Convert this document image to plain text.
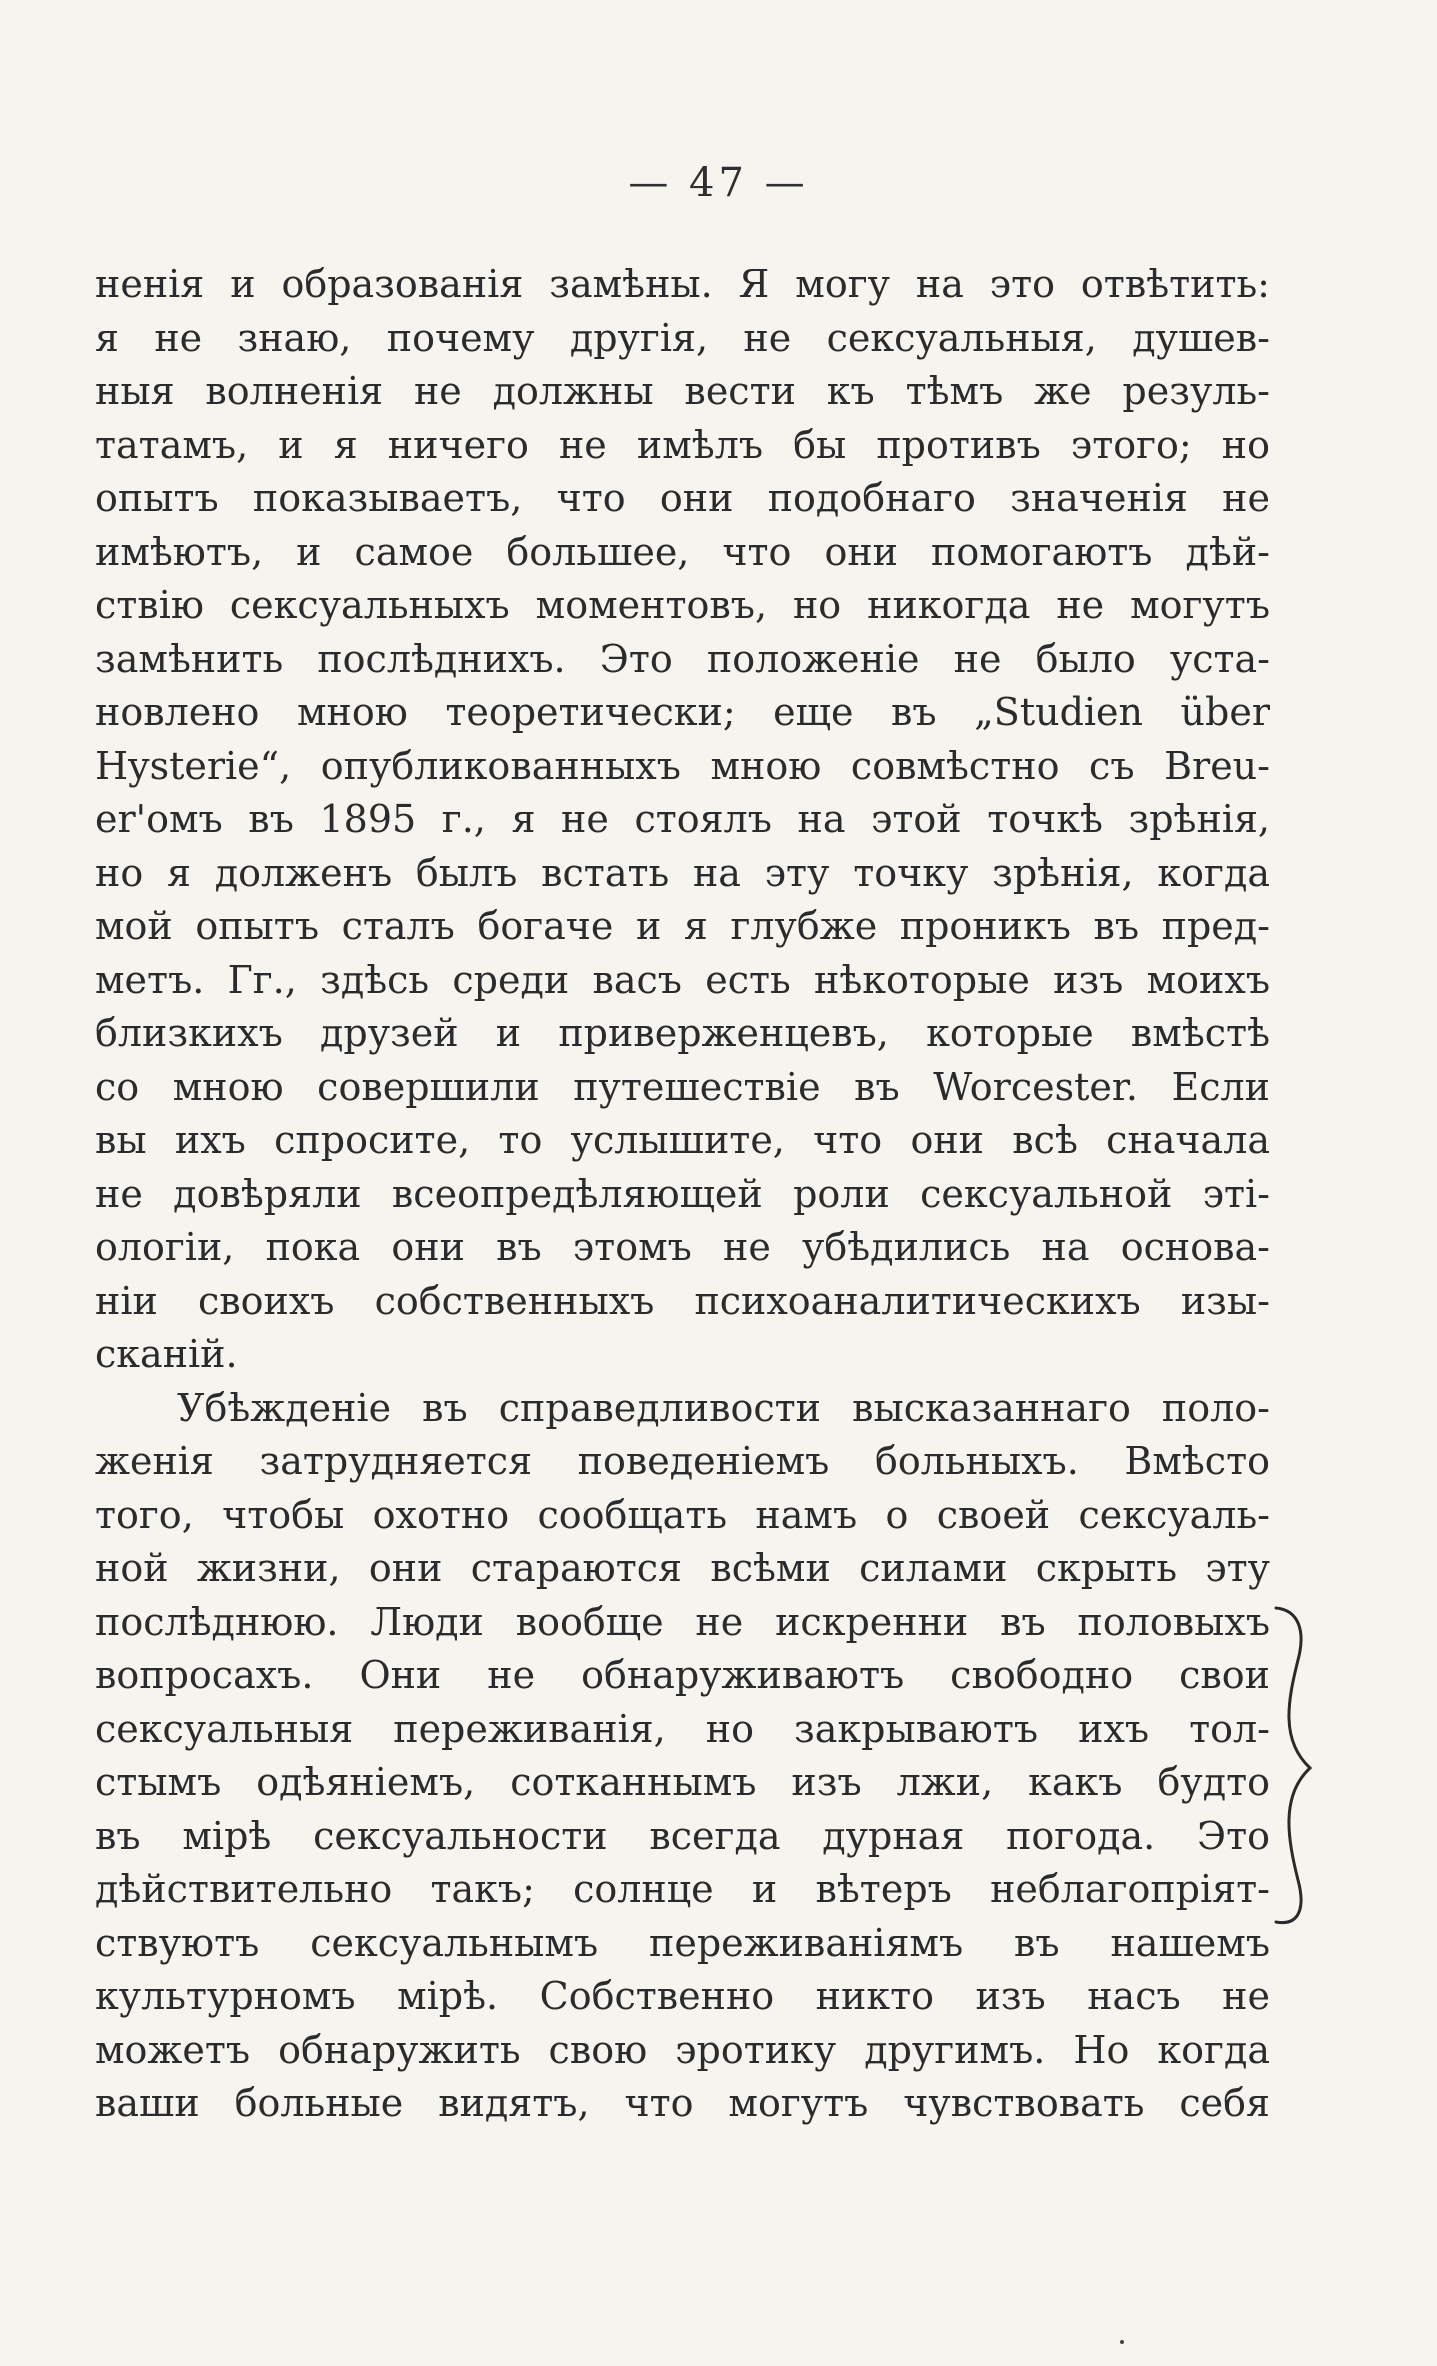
— 47 —
ненія и образованія замѣны. Я могу на это отвѣтить:
я не знаю, почему другія, не сексуальныя, душев-
ныя волненія не должны вести къ тѣмъ же резуль-
татамъ, и я ничего не имѣлъ бы противъ этого; но
опытъ показываетъ, что они подобнаго значенія не
имѣютъ, и самое большее, что они помогаютъ дѣй-
ствію сексуальныхъ моментовъ, но никогда не могутъ
замѣнить послѣднихъ. Это положеніе не было уста-
новлено мною теоретически; еще въ „Studien über
Hysterie“, опубликованныхъ мною совмѣстно съ Breu-
er'омъ въ 1895 г., я не стоялъ на этой точкѣ зрѣнія,
но я долженъ былъ встать на эту точку зрѣнія, когда
мой опытъ сталъ богаче и я глубже проникъ въ пред-
метъ. Гг., здѣсь среди васъ есть нѣкоторые изъ моихъ
близкихъ друзей и приверженцевъ, которые вмѣстѣ
со мною совершили путешествіе въ Worcester. Если
вы ихъ спросите, то услышите, что они всѣ сначала
не довѣряли всеопредѣляющей роли сексуальной эті-
ологіи, пока они въ этомъ не убѣдились на основа-
ніи своихъ собственныхъ психоаналитическихъ изы-
сканій.
Убѣжденіе въ справедливости высказаннаго поло-
женія затрудняется поведеніемъ больныхъ. Вмѣсто
того, чтобы охотно сообщать намъ о своей сексуаль-
ной жизни, они стараются всѣми силами скрыть эту
послѣднюю. Люди вообще не искренни въ половыхъ
вопросахъ. Они не обнаруживаютъ свободно свои
сексуальныя переживанія, но закрываютъ ихъ тол-
стымъ одѣяніемъ, сотканнымъ изъ лжи, какъ будто
въ мірѣ сексуальности всегда дурная погода. Это
дѣйствительно такъ; солнце и вѣтеръ неблагопріят-
ствуютъ сексуальнымъ переживаніямъ въ нашемъ
культурномъ мірѣ. Собственно никто изъ насъ не
можетъ обнаружить свою эротику другимъ. Но когда
ваши больные видятъ, что могутъ чувствовать себя
